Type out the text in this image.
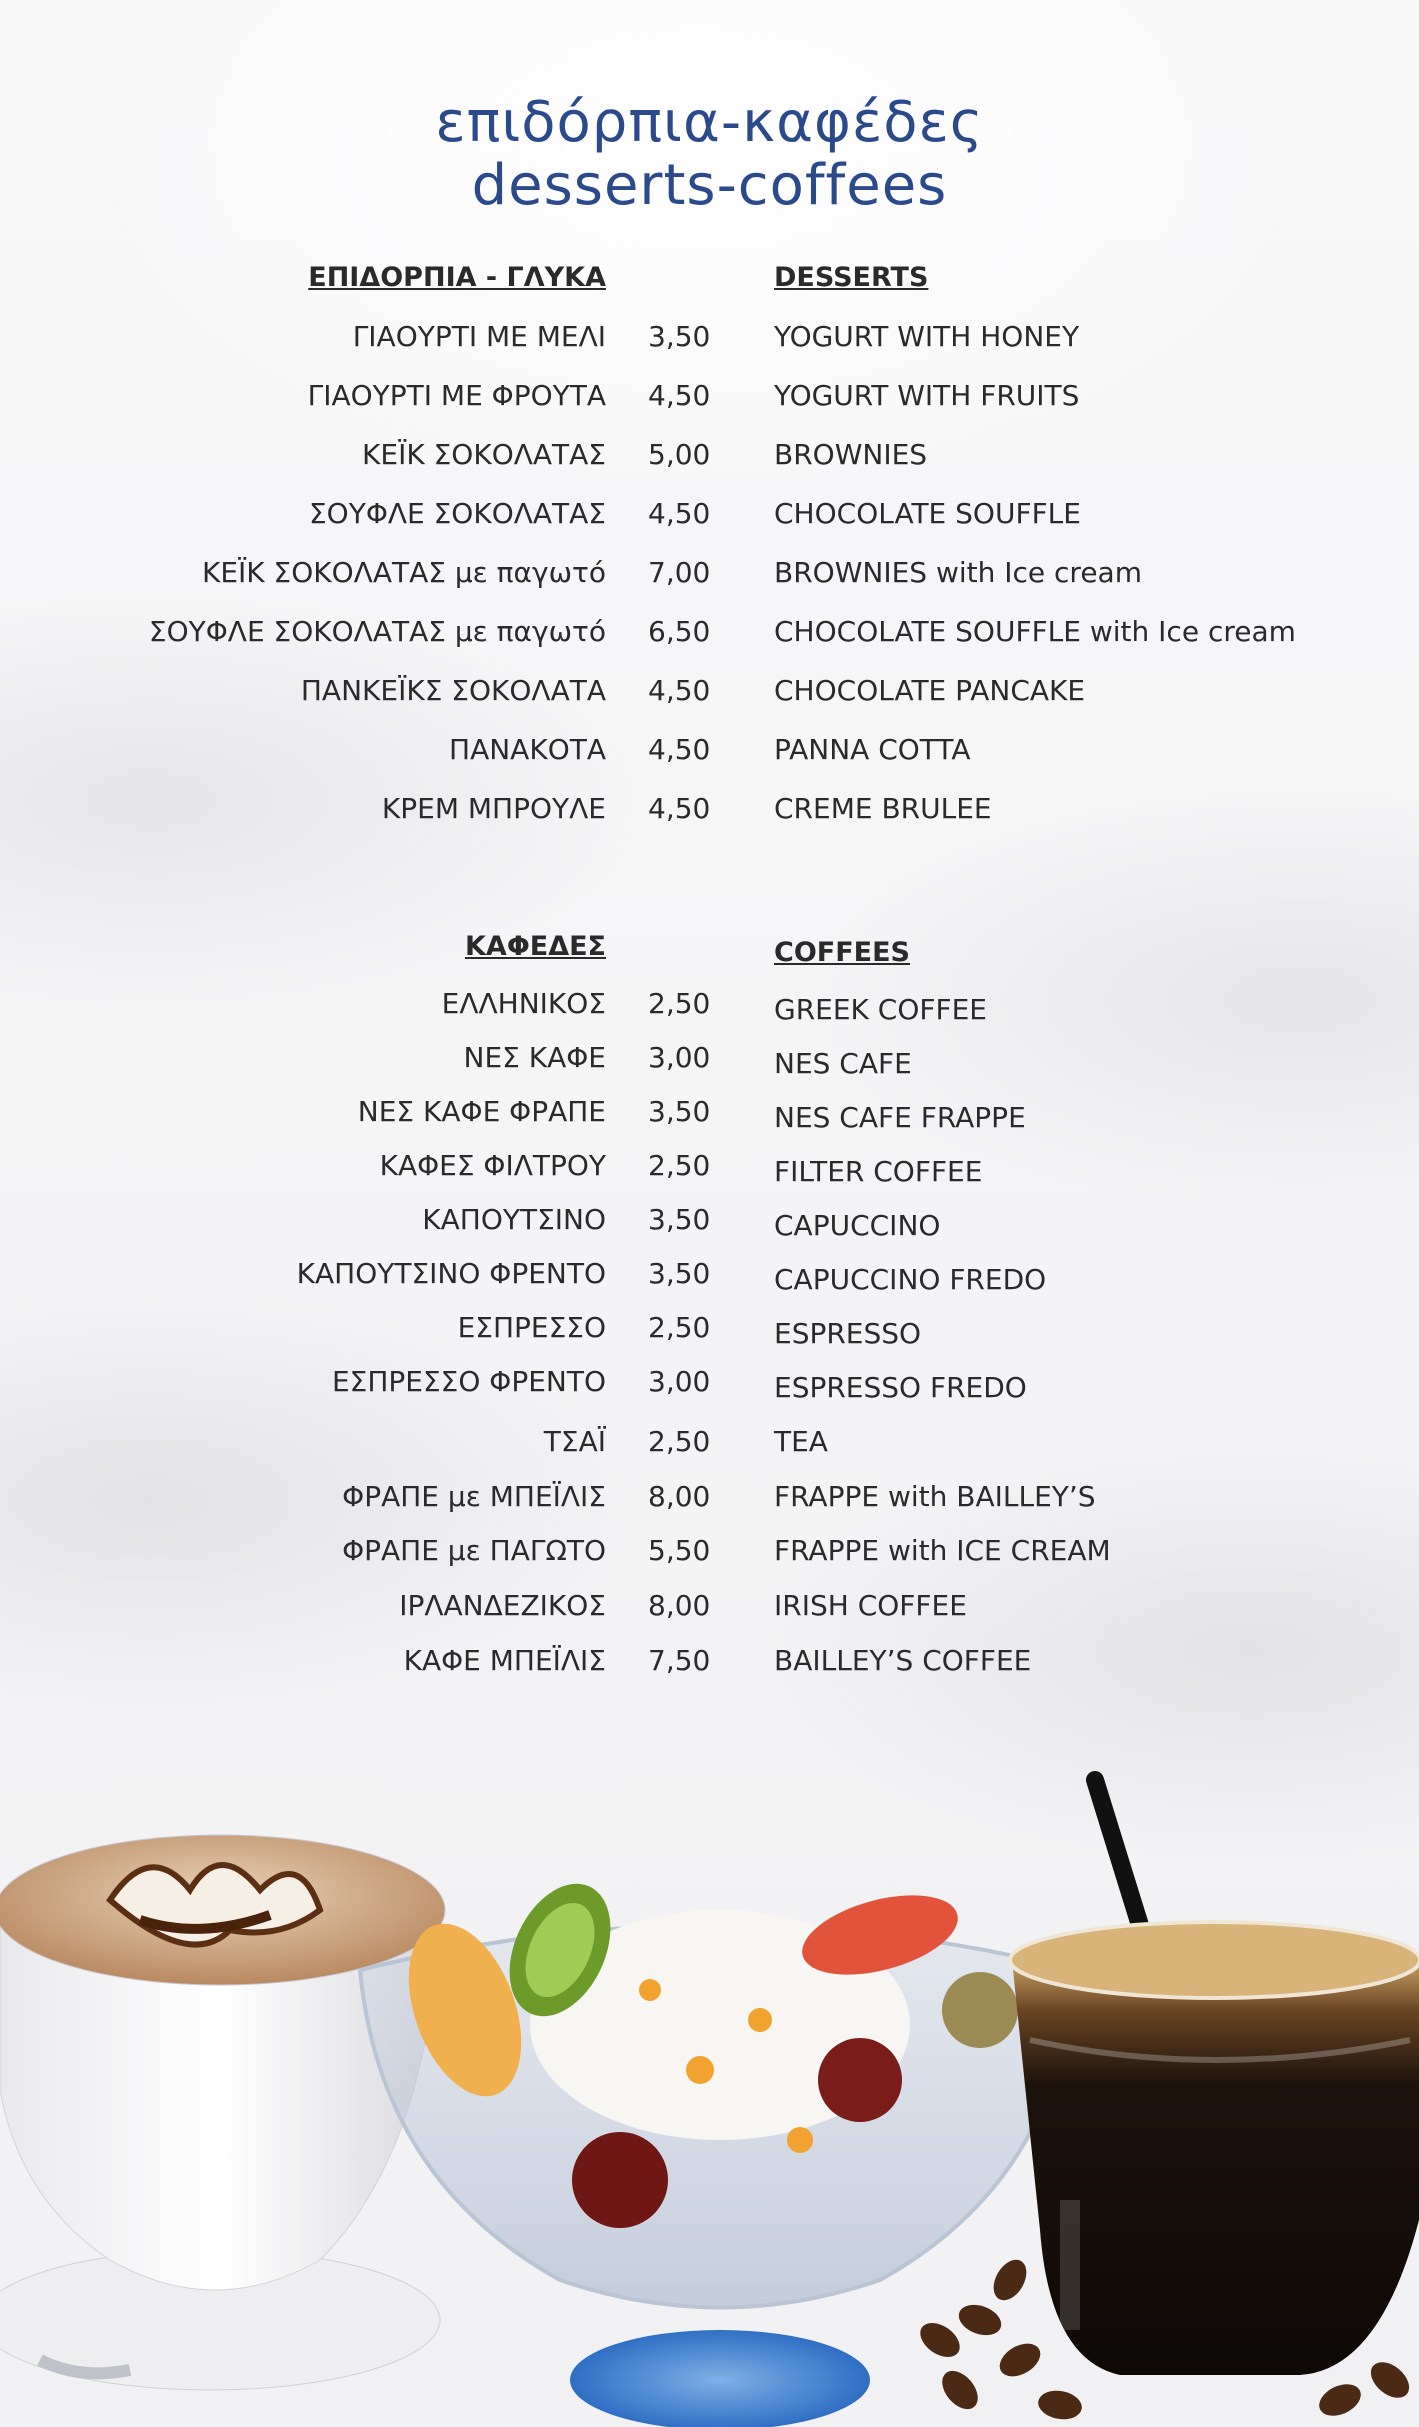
επιδόρπια-καφέδες
desserts-coffees
ΕΠΙΔΟΡΠΙΑ - ΓΛΥΚΑ	DESSERTS
ΓΙΑΟΥΡΤΙ ΜΕ ΜΕΛΙ 3,50	YOGURT WITH HONEY
ΓΙΑΟΥΡΤΙ ΜΕ ΦΡΟΥΤΑ 4,50	YOGURT WITH FRUITS
ΚΕΪΚ ΣΟΚΟΛΑΤΑΣ 5,00	BROWNIES
ΣΟΥΦΛΕ ΣΟΚΟΛΑΤΑΣ 4,50	CHOCOLATE SOUFFLE
ΚΕΪΚ ΣΟΚΟΛΑΤΑΣ με παγωτό 7,00	BROWNIES with Ice cream
ΣΟΥΦΛΕ ΣΟΚΟΛΑΤΑΣ με παγωτό 6,50	CHOCOLATE SOUFFLE with Ice cream
ΠΑΝΚΕΪΚΣ ΣΟΚΟΛΑΤΑ 4,50	CHOCOLATE PANCAKE
ΠΑΝΑΚΟΤΑ 4,50	PANNA COTTA
ΚΡΕΜ ΜΠΡΟΥΛΕ 4,50	CREME BRULEE
ΚΑΦΕΔΕΣ	COFFEES
ΕΛΛΗΝΙΚΟΣ 2,50	GREEK COFFEE
ΝΕΣ ΚΑΦΕ 3,00	NES CAFE
ΝΕΣ ΚΑΦΕ ΦΡΑΠΕ 3,50	NES CAFE FRAPPE
ΚΑΦΕΣ ΦΙΛΤΡΟΥ 2,50	FILTER COFFEE
ΚΑΠΟΥΤΣΙΝΟ 3,50	CAPUCCINO
ΚΑΠΟΥΤΣΙΝΟ ΦΡΕΝΤΟ 3,50	CAPUCCINO FREDO
ΕΣΠΡΕΣΣΟ 2,50	ESPRESSO
ΕΣΠΡΕΣΣΟ ΦΡΕΝΤΟ 3,00	ESPRESSO FREDO
ΤΣΑΪ 2,50	TEA
ΦΡΑΠΕ με ΜΠΕΪΛΙΣ 8,00	FRAPPE with BAILLEY’S
ΦΡΑΠΕ με ΠΑΓΩΤΟ 5,50	FRAPPE with ICE CREAM
ΙΡΛΑΝΔΕΖΙΚΟΣ 8,00	IRISH COFFEE
ΚΑΦΕ ΜΠΕΪΛΙΣ 7,50	BAILLEY’S COFFEE
